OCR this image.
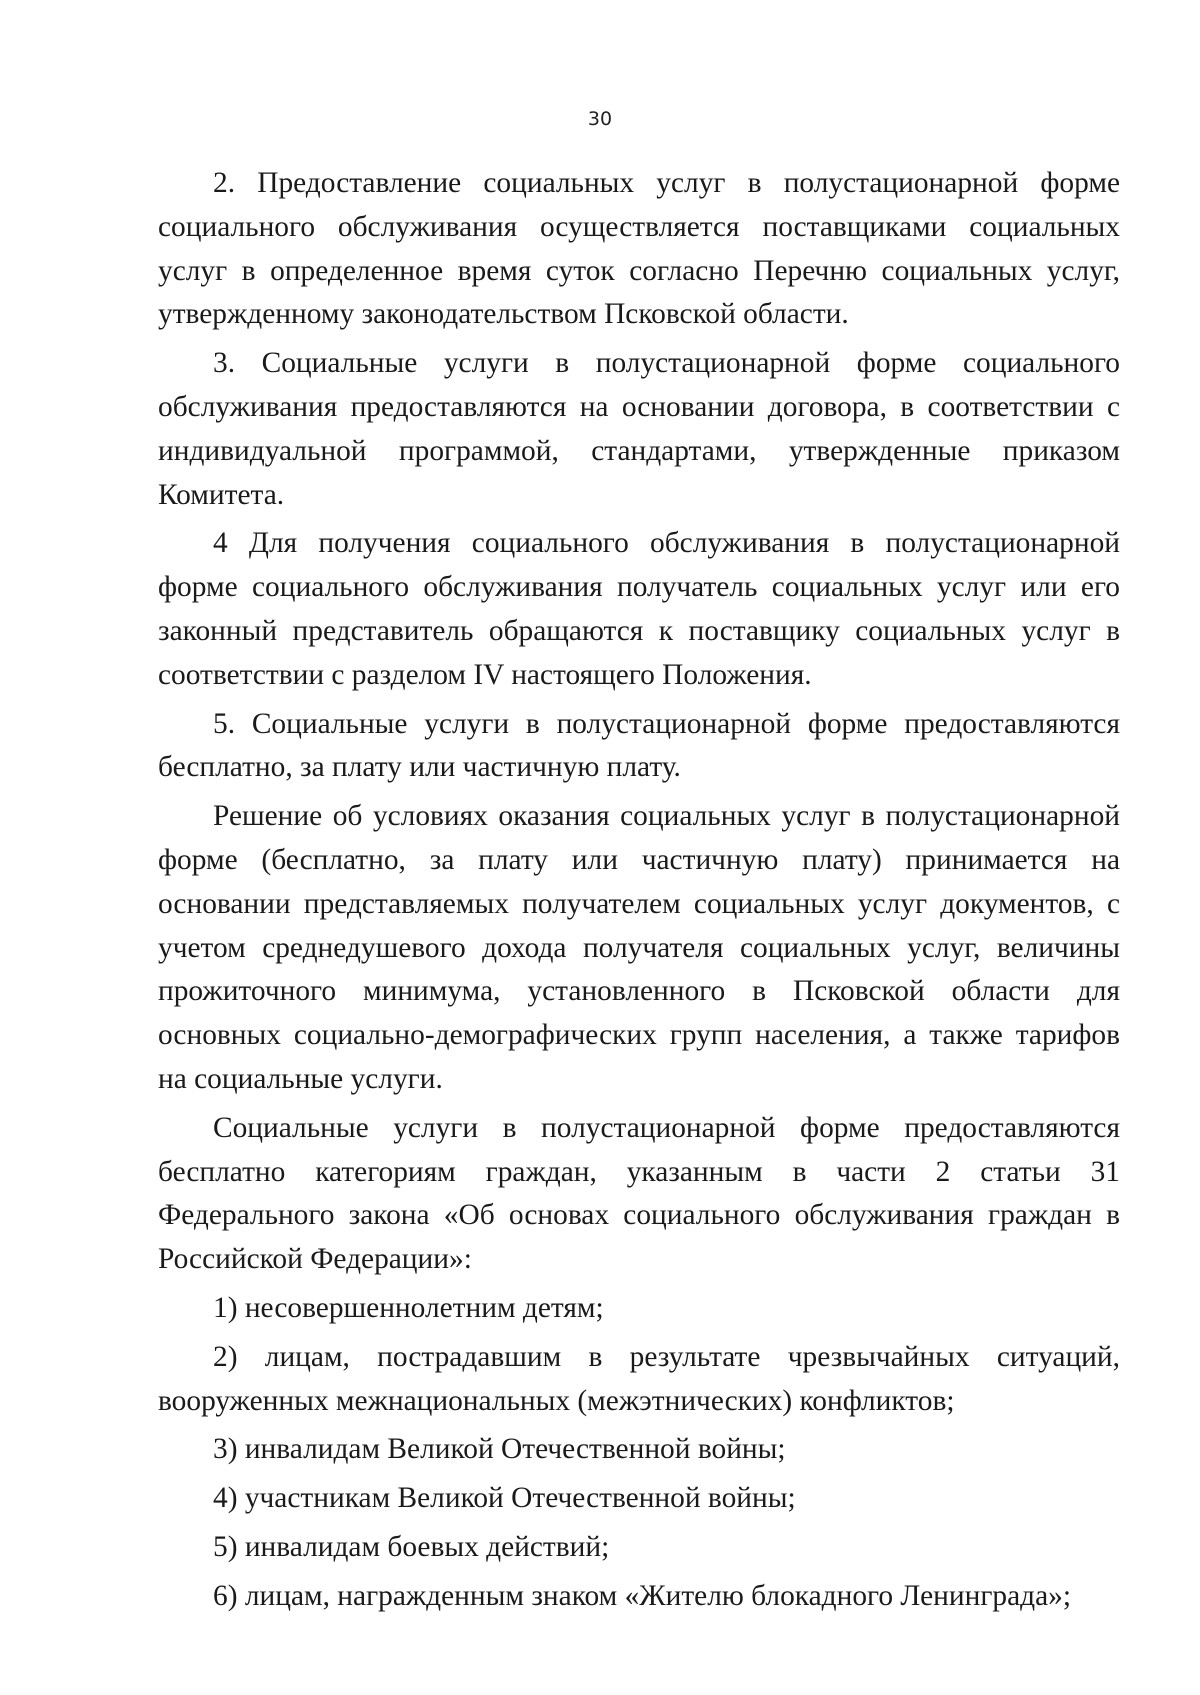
30

2. Предоставление социальных услуг в полустационарной форме социального обслуживания осуществляется поставщиками социальных услуг в определенное время суток согласно Перечню социальных услуг, утвержденному законодательством Псковской области.

3. Социальные услуги в полустационарной форме социального обслуживания предоставляются на основании договора, в соответствии с индивидуальной программой, стандартами, утвержденные приказом Комитета.

4 Для получения социального обслуживания в полустационарной форме социального обслуживания получатель социальных услуг или его законный представитель обращаются к поставщику социальных услуг в соответствии с разделом IV настоящего Положения.

5. Социальные услуги в полустационарной форме предоставляются бесплатно, за плату или частичную плату.

Решение об условиях оказания социальных услуг в полустационарной форме (бесплатно, за плату или частичную плату) принимается на основании представляемых получателем социальных услуг документов, с учетом среднедушевого дохода получателя социальных услуг, величины прожиточного минимума, установленного в Псковской области для основных социально-демографических групп населения, а также тарифов на социальные услуги.

Социальные услуги в полустационарной форме предоставляются бесплатно категориям граждан, указанным в части 2 статьи 31 Федерального закона «Об основах социального обслуживания граждан в Российской Федерации»:

1) несовершеннолетним детям;

2) лицам, пострадавшим в результате чрезвычайных ситуаций, вооруженных межнациональных (межэтнических) конфликтов;

3) инвалидам Великой Отечественной войны;

4) участникам Великой Отечественной войны;

5) инвалидам боевых действий;

6) лицам, награжденным знаком «Жителю блокадного Ленинграда»;
